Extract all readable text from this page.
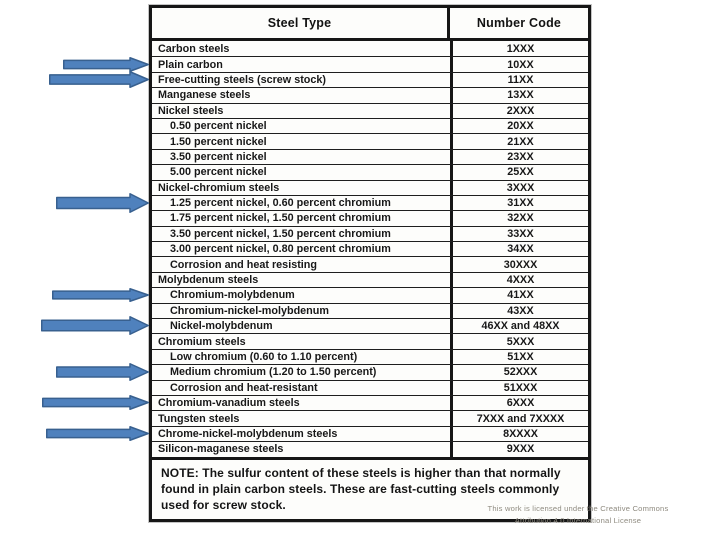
Steel Type	Number Code
Carbon steels	1XXX
Plain carbon	10XX
Free-cutting steels (screw stock)	11XX
Manganese steels	13XX
Nickel steels	2XXX
0.50 percent nickel	20XX
1.50 percent nickel	21XX
3.50 percent nickel	23XX
5.00 percent nickel	25XX
Nickel-chromium steels	3XXX
1.25 percent nickel, 0.60 percent chromium	31XX
1.75 percent nickel, 1.50 percent chromium	32XX
3.50 percent nickel, 1.50 percent chromium	33XX
3.00 percent nickel, 0.80 percent chromium	34XX
Corrosion and heat resisting	30XXX
Molybdenum steels	4XXX
Chromium-molybdenum	41XX
Chromium-nickel-molybdenum	43XX
Nickel-molybdenum	46XX and 48XX
Chromium steels	5XXX
Low chromium (0.60 to 1.10 percent)	51XX
Medium chromium (1.20 to 1.50 percent)	52XXX
Corrosion and heat-resistant	51XXX
Chromium-vanadium steels	6XXX
Tungsten steels	7XXX and 7XXXX
Chrome-nickel-molybdenum steels	8XXXX
Silicon-maganese steels	9XXX
NOTE: The sulfur content of these steels is higher than that normally found in plain carbon steels. These are fast-cutting steels commonly used for screw stock.	This work is licensed under the Creative Commons
Attribution 4.0 International License
